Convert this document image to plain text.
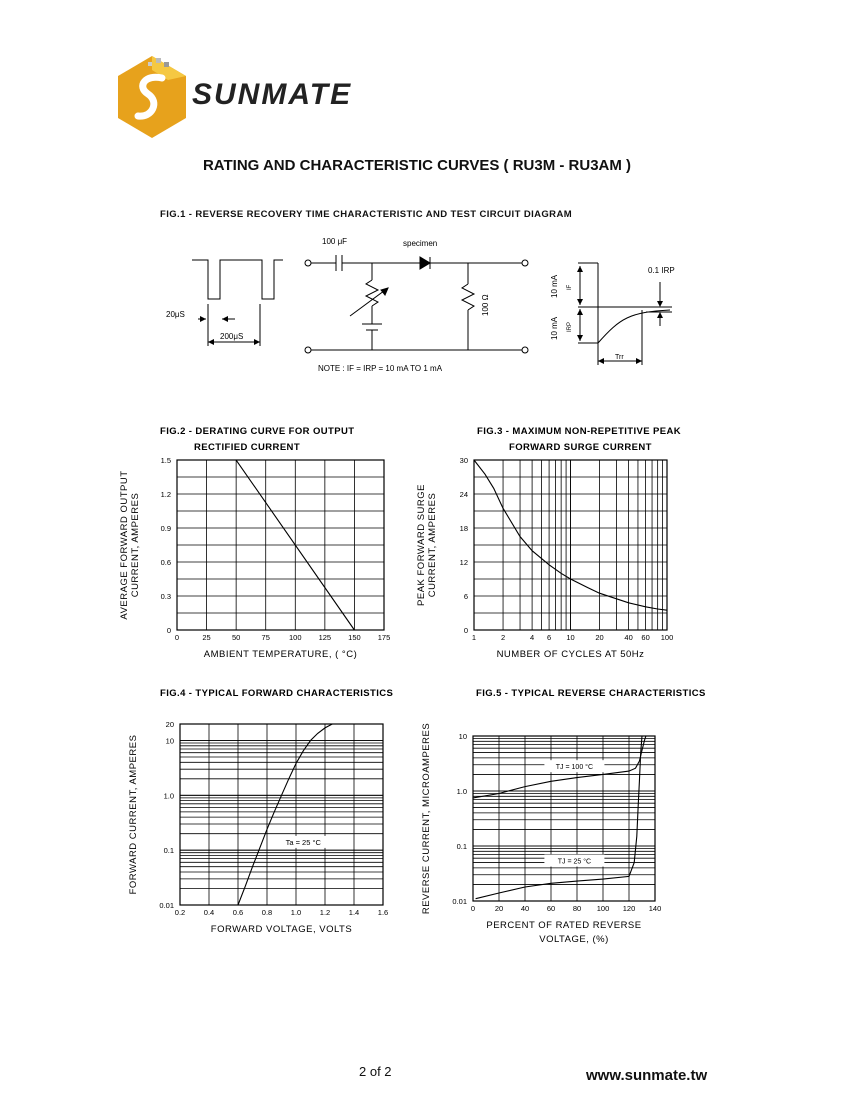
SUNMATE
RATING AND CHARACTERISTIC CURVES ( RU3M - RU3AM )
FIG.1 - REVERSE RECOVERY TIME CHARACTERISTIC AND TEST CIRCUIT DIAGRAM
100 μF	specimen
100 Ω
20μS
200μS
10 mA IF
10 mA IRP
0.1 IRP
Trr
NOTE : IF = IRP = 10 mA TO 1 mA
FIG.2 - DERATING CURVE FOR OUTPUT
RECTIFIED CURRENT
0	25	50	75	100 125 150 175
0
0.3
0.6
0.9
1.2
1.5
AMBIENT TEMPERATURE, ( °C)
AVERAGE FORWARD OUTPUT CURRENT, AMPERES
FIG.3 - MAXIMUM NON-REPETITIVE PEAK
FORWARD SURGE CURRENT
1	2	4 6 10	20	40 60 100
0
6
12
18
24
30
NUMBER OF CYCLES AT 50Hz
PEAK FORWARD SURGE CURRENT, AMPERES
FIG.4 - TYPICAL FORWARD CHARACTERISTICS
0.2 0.4 0.6 0.8 1.0 1.2 1.4 1.6
0.01
0.1
1.0
10
20
FORWARD VOLTAGE, VOLTS
FORWARD CURRENT, AMPERES	Ta = 25 °C
FIG.5 - TYPICAL REVERSE CHARACTERISTICS
0	20 40 60 80 100 120 140
0.01
0.1
1.0
10
PERCENT OF RATED REVERSE
VOLTAGE, (%)
REVERSE CURRENT, MICROAMPERES	TJ = 100 °C
TJ = 25 °C
2 of 2	www.sunmate.tw
